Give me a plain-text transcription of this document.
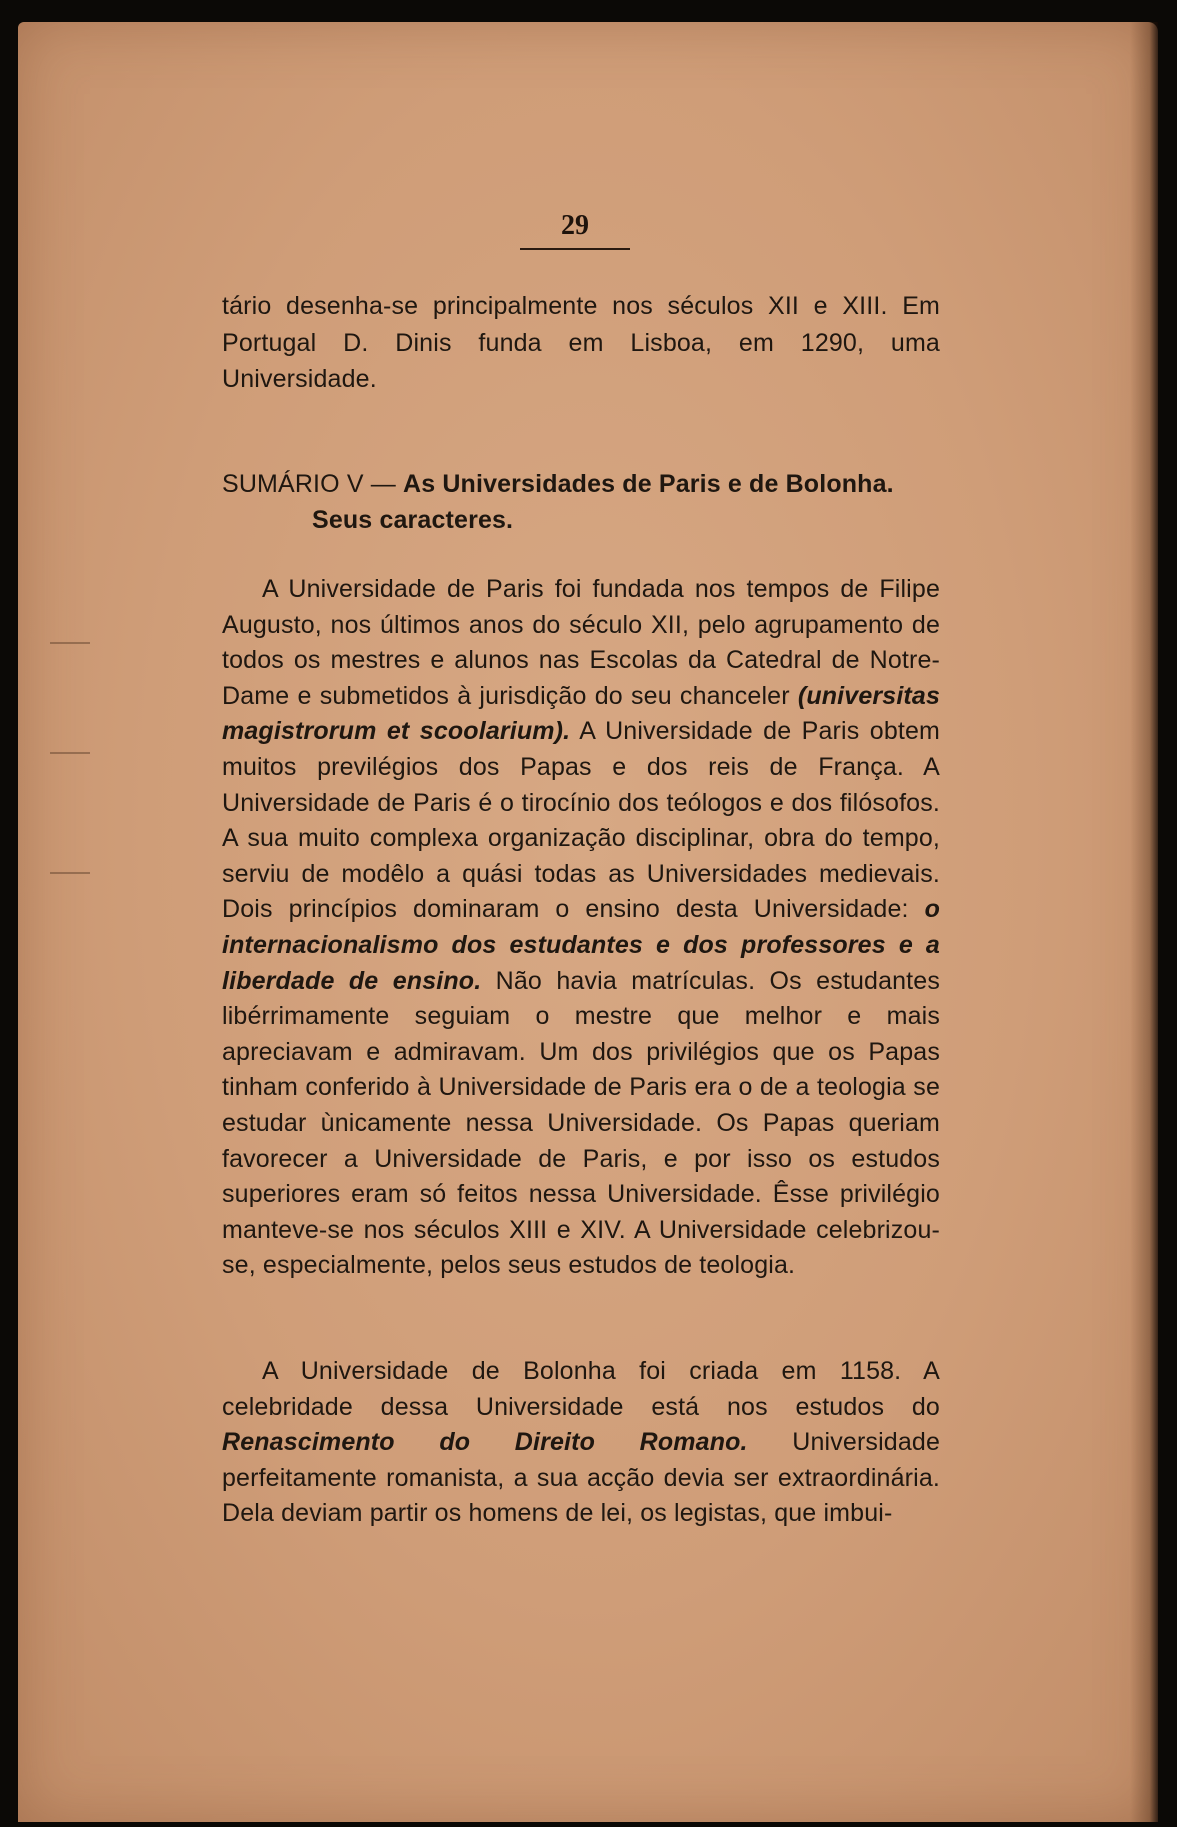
29
tário desenha-se principalmente nos séculos XII e XIII. Em Portugal D. Dinis funda em Lisboa, em 1290, uma Universidade.
SUMÁRIO V — As Universidades de Paris e de Bolonha.
Seus caracteres.
A Universidade de Paris foi fundada nos tempos de Filipe Augusto, nos últimos anos do século XII, pelo agrupamento de todos os mestres e alunos nas Escolas da Catedral de Notre-Dame e submetidos à jurisdição do seu chanceler (universitas magistrorum et scoolarium). A Universidade de Paris obtem muitos previlégios dos Papas e dos reis de França. A Universidade de Paris é o tirocínio dos teólogos e dos filósofos. A sua muito complexa organização disciplinar, obra do tempo, serviu de modêlo a quási todas as Universidades medievais. Dois princípios dominaram o ensino desta Universidade: o internacionalismo dos estudantes e dos professores e a liberdade de ensino. Não havia matrículas. Os estudantes libérrimamente seguiam o mestre que melhor e mais apreciavam e admiravam. Um dos privilégios que os Papas tinham conferido à Universidade de Paris era o de a teologia se estudar ùnicamente nessa Universidade. Os Papas queriam favorecer a Universidade de Paris, e por isso os estudos superiores eram só feitos nessa Universidade. Êsse privilégio manteve-se nos séculos XIII e XIV. A Universidade celebrizou-se, especialmente, pelos seus estudos de teologia.
A Universidade de Bolonha foi criada em 1158. A celebridade dessa Universidade está nos estudos do Renascimento do Direito Romano. Universidade perfeitamente romanista, a sua acção devia ser extraordinária. Dela deviam partir os homens de lei, os legistas, que imbui-
